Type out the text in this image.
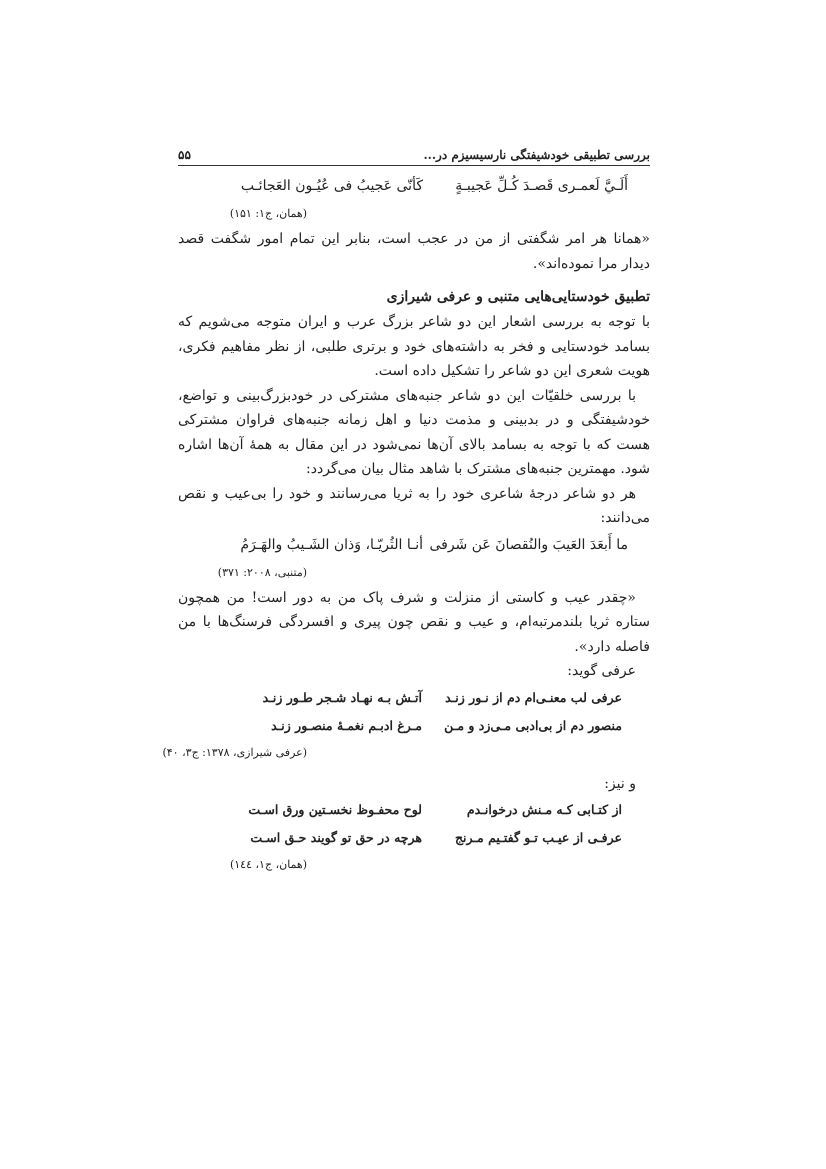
بررسی تطبیقی خودشیفتگی نارسیسیزم در...
۵۵
أَلَـيَّ لَعمـری قَصـدَ کُـلِّ عَجیبـةٍ
کَأنّی عَجیبُ فی عُیُـون العَجائـب
(همان، ج۱: ۱۵۱)

«همانا هر امر شگفتی از من در عجب است، بنابر این تمام امور شگفت قصد دیدار مرا نموده‌اند».

تطبیق خودستایی‌هایی متنبی و عرفی شیرازی

با توجه به بررسی اشعار این دو شاعر بزرگ عرب و ایران متوجه می‌شویم که بسامد خودستایی و فخر به داشته‌های خود و برتری طلبی، از نظر مفاهیم فکری، هویت شعری این دو شاعر را تشکیل داده است.

با بررسی خلقیّات این دو شاعر جنبه‌های مشترکی در خودبزرگ‌بینی و تواضع، خودشیفتگی و در بدبینی و مذمت دنیا و اهل زمانه جنبه‌های فراوان مشترکی هست که با توجه به بسامد بالای آن‌ها نمی‌شود در این مقال به همهٔ آن‌ها اشاره شود. مهمترین جنبه‌های مشترک با شاهد مثال بیان می‌گردد:

هر دو شاعر درجهٔ شاعری خود را به ثریا می‌رسانند و خود را بی‌عیب و نقص می‌دانند:

ما أَبعَدَ العَیبَ والنُقصانَ عَن شَرفی
أنـا الثُریّـا، وَذان الشَـیبُ والهَـرَمُ
(متنبی، ۲۰۰۸: ۳۷۱)

«چقدر عیب و کاستی از منزلت و شرف پاک من به دور است! من همچون ستاره ثریا بلندمرتبه‌ام، و عیب و نقص چون پیری و افسردگی فرسنگ‌ها با من فاصله دارد».

عرفی گوید:

عرفی لب معنـی‌ام دم از نـور زنـد
آتـش بـه نهـاد شـجر طـور زنـد
منصور دم از بی‌ادبی مـی‌زد و مـن
مـرغ ادبـم نغمـهٔ منصـور زنـد
(عرفی شیرازی، ۱۳۷۸: ج۳، ۴۰)

و نیز:

از کتـابی کـه مـنش درخوانـدم
لوح محفـوظ نخسـتین ورق اسـت
عرفـی از عیـب تـو گفتـیم مـرنج
هرچه در حق تو گویند حـق اسـت
(همان، ج۱، ۱٤٤)
